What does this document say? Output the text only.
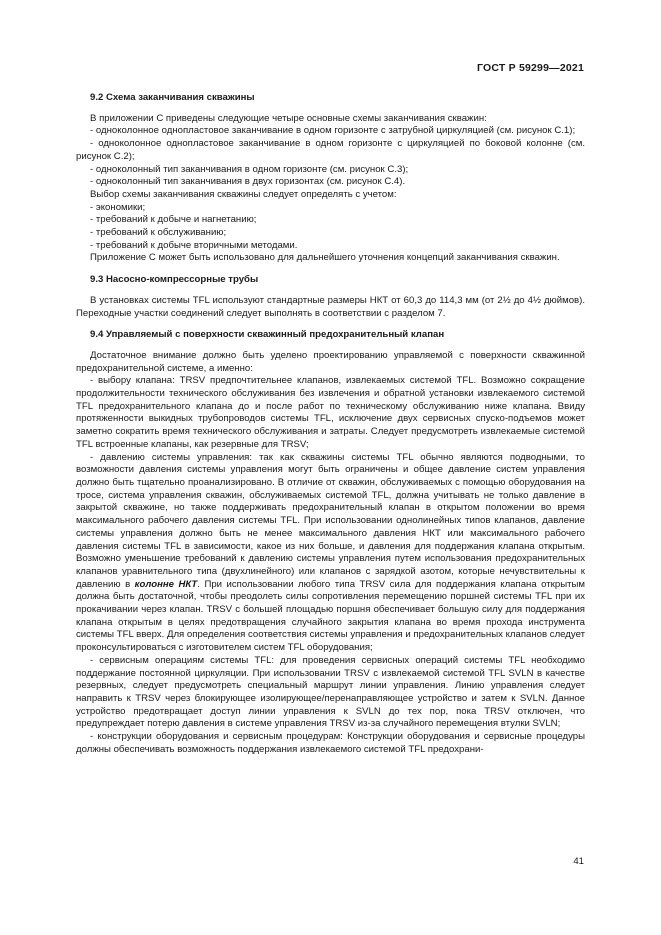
ГОСТ Р 59299—2021

9.2 Схема заканчивания скважины

В приложении С приведены следующие четыре основные схемы заканчивания скважин:

- одноколонное однопластовое заканчивание в одном горизонте с затрубной циркуляцией (см. рисунок С.1);

- одноколонное однопластовое заканчивание в одном горизонте с циркуляцией по боковой колонне (см. рисунок С.2);

- одноколонный тип заканчивания в одном горизонте (см. рисунок С.3);

- одноколонный тип заканчивания в двух горизонтах (см. рисунок С.4).

Выбор схемы заканчивания скважины следует определять с учетом:

- экономики;

- требований к добыче и нагнетанию;

- требований к обслуживанию;

- требований к добыче вторичными методами.

Приложение С может быть использовано для дальнейшего уточнения концепций заканчивания скважин.

9.3 Насосно-компрессорные трубы

В установках системы TFL используют стандартные размеры НКТ от 60,3 до 114,3 мм (от 2½ до 4½ дюймов). Переходные участки соединений следует выполнять в соответствии с разделом 7.

9.4 Управляемый с поверхности скважинный предохранительный клапан

Достаточное внимание должно быть уделено проектированию управляемой с поверхности скважинной предохранительной системе, а именно:

- выбору клапана: TRSV предпочтительнее клапанов, извлекаемых системой TFL. Возможно сокращение продолжительности технического обслуживания без извлечения и обратной установки извлекаемого системой TFL предохранительного клапана до и после работ по техническому обслуживанию ниже клапана. Ввиду протяженности выкидных трубопроводов системы TFL, исключение двух сервисных спуско-подъемов может заметно сократить время технического обслуживания и затраты. Следует предусмотреть извлекаемые системой TFL встроенные клапаны, как резервные для TRSV;

- давлению системы управления: так как скважины системы TFL обычно являются подводными, то возможности давления системы управления могут быть ограничены и общее давление систем управления должно быть тщательно проанализировано. В отличие от скважин, обслуживаемых с помощью оборудования на тросе, система управления скважин, обслуживаемых системой TFL, должна учитывать не только давление в закрытой скважине, но также поддерживать предохранительный клапан в открытом положении во время максимального рабочего давления системы TFL. При использовании однолинейных типов клапанов, давление системы управления должно быть не менее максимального давления НКТ или максимального рабочего давления системы TFL в зависимости, какое из них больше, и давления для поддержания клапана открытым. Возможно уменьшение требований к давлению системы управления путем использования предохранительных клапанов уравнительного типа (двухлинейного) или клапанов с зарядкой азотом, которые нечувствительны к давлению в колонне НКТ. При использовании любого типа TRSV сила для поддержания клапана открытым должна быть достаточной, чтобы преодолеть силы сопротивления перемещению поршней системы TFL при их прокачивании через клапан. TRSV с большей площадью поршня обеспечивает большую силу для поддержания клапана открытым в целях предотвращения случайного закрытия клапана во время прохода инструмента системы TFL вверх. Для определения соответствия системы управления и предохранительных клапанов следует проконсультироваться с изготовителем систем TFL оборудования;

- сервисным операциям системы TFL: для проведения сервисных операций системы TFL необходимо поддержание постоянной циркуляции. При использовании TRSV с извлекаемой системой TFL SVLN в качестве резервных, следует предусмотреть специальный маршрут линии управления. Линию управления следует направить к TRSV через блокирующее изолирующее/перенаправляющее устройство и затем к SVLN. Данное устройство предотвращает доступ линии управления к SVLN до тех пор, пока TRSV отключен, что предупреждает потерю давления в системе управления TRSV из-за случайного перемещения втулки SVLN;

- конструкции оборудования и сервисным процедурам: Конструкции оборудования и сервисные процедуры должны обеспечивать возможность поддержания извлекаемого системой TFL предохрани-

41
